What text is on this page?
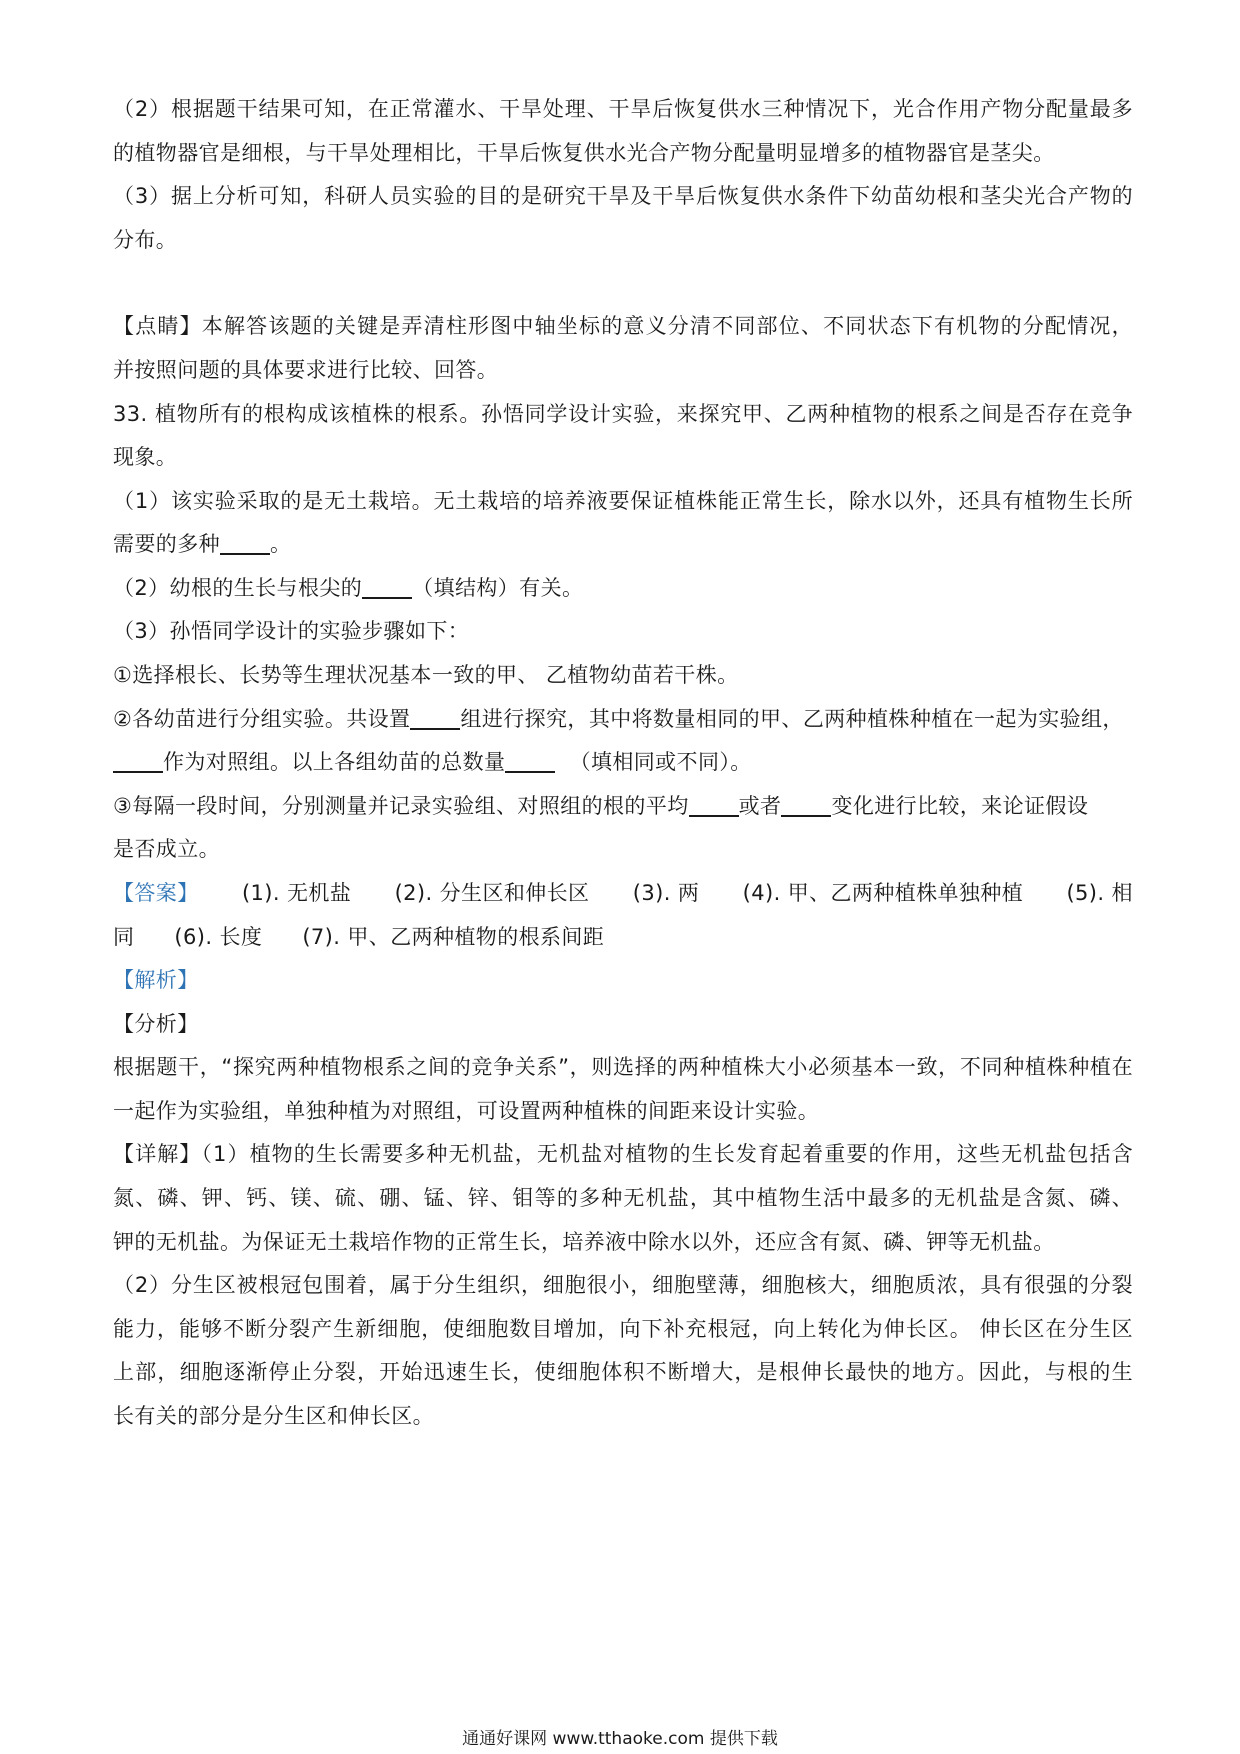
（2）根据题干结果可知，在正常灌水、干旱处理、干旱后恢复供水三种情况下，光合作用产物分配量最多
的植物器官是细根，与干旱处理相比，干旱后恢复供水光合产物分配量明显增多的植物器官是茎尖。
（3）据上分析可知，科研人员实验的目的是研究干旱及干旱后恢复供水条件下幼苗幼根和茎尖光合产物的
分布。
【点睛】本解答该题的关键是弄清柱形图中轴坐标的意义分清不同部位、不同状态下有机物的分配情况，
并按照问题的具体要求进行比较、回答。
33. 植物所有的根构成该植株的根系。孙悟同学设计实验，来探究甲、乙两种植物的根系之间是否存在竞争
现象。
（1）该实验采取的是无土栽培。无土栽培的培养液要保证植株能正常生长，除水以外，还具有植物生长所
需要的多种 。
（2）幼根的生长与根尖的 （填结构）有关。
（3）孙悟同学设计的实验步骤如下：
①选择根长、长势等生理状况基本一致的甲、 乙植物幼苗若干株。
②各幼苗进行分组实验。共设置 组进行探究，其中将数量相同的甲、乙两种植株种植在一起为实验组，
作为对照组。以上各组幼苗的总数量	（填相同或不同）。
③每隔一段时间，分别测量并记录实验组、对照组的根的平均 或者 变化进行比较，来论证假设
是否成立。
【答案】 (1). 无机盐 (2). 分生区和伸长区 (3). 两 (4). 甲、乙两种植株单独种植 (5). 相
同 (6). 长度 (7). 甲、乙两种植物的根系间距
【解析】
【分析】
根据题干，“探究两种植物根系之间的竞争关系”，则选择的两种植株大小必须基本一致，不同种植株种植在
一起作为实验组，单独种植为对照组，可设置两种植株的间距来设计实验。
【详解】（1）植物的生长需要多种无机盐，无机盐对植物的生长发育起着重要的作用，这些无机盐包括含
氮、磷、钾、钙、镁、硫、硼、锰、锌、钼等的多种无机盐，其中植物生活中最多的无机盐是含氮、磷、
钾的无机盐。为保证无土栽培作物的正常生长，培养液中除水以外，还应含有氮、磷、钾等无机盐。
（2）分生区被根冠包围着，属于分生组织，细胞很小，细胞壁薄，细胞核大，细胞质浓，具有很强的分裂
能力，能够不断分裂产生新细胞，使细胞数目增加，向下补充根冠，向上转化为伸长区。 伸长区在分生区
上部，细胞逐渐停止分裂，开始迅速生长，使细胞体积不断增大，是根伸长最快的地方。因此，与根的生
长有关的部分是分生区和伸长区。
通通好课网 www.tthaoke.com 提供下载
